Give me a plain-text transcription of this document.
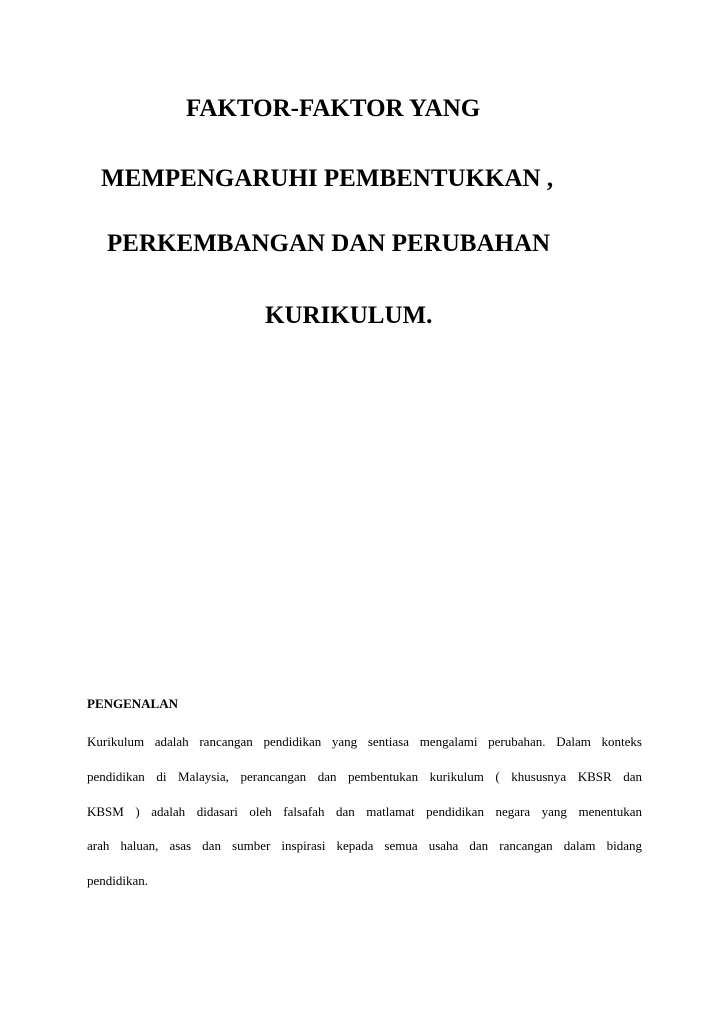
FAKTOR-FAKTOR YANG
MEMPENGARUHI PEMBENTUKKAN ,
PERKEMBANGAN DAN PERUBAHAN
KURIKULUM.
PENGENALAN

Kurikulum adalah rancangan pendidikan yang sentiasa mengalami perubahan. Dalam konteks

pendidikan di Malaysia, perancangan dan pembentukan kurikulum ( khususnya KBSR dan

KBSM ) adalah didasari oleh falsafah dan matlamat pendidikan negara yang menentukan

arah haluan, asas dan sumber inspirasi kepada semua usaha dan rancangan dalam bidang

pendidikan.
